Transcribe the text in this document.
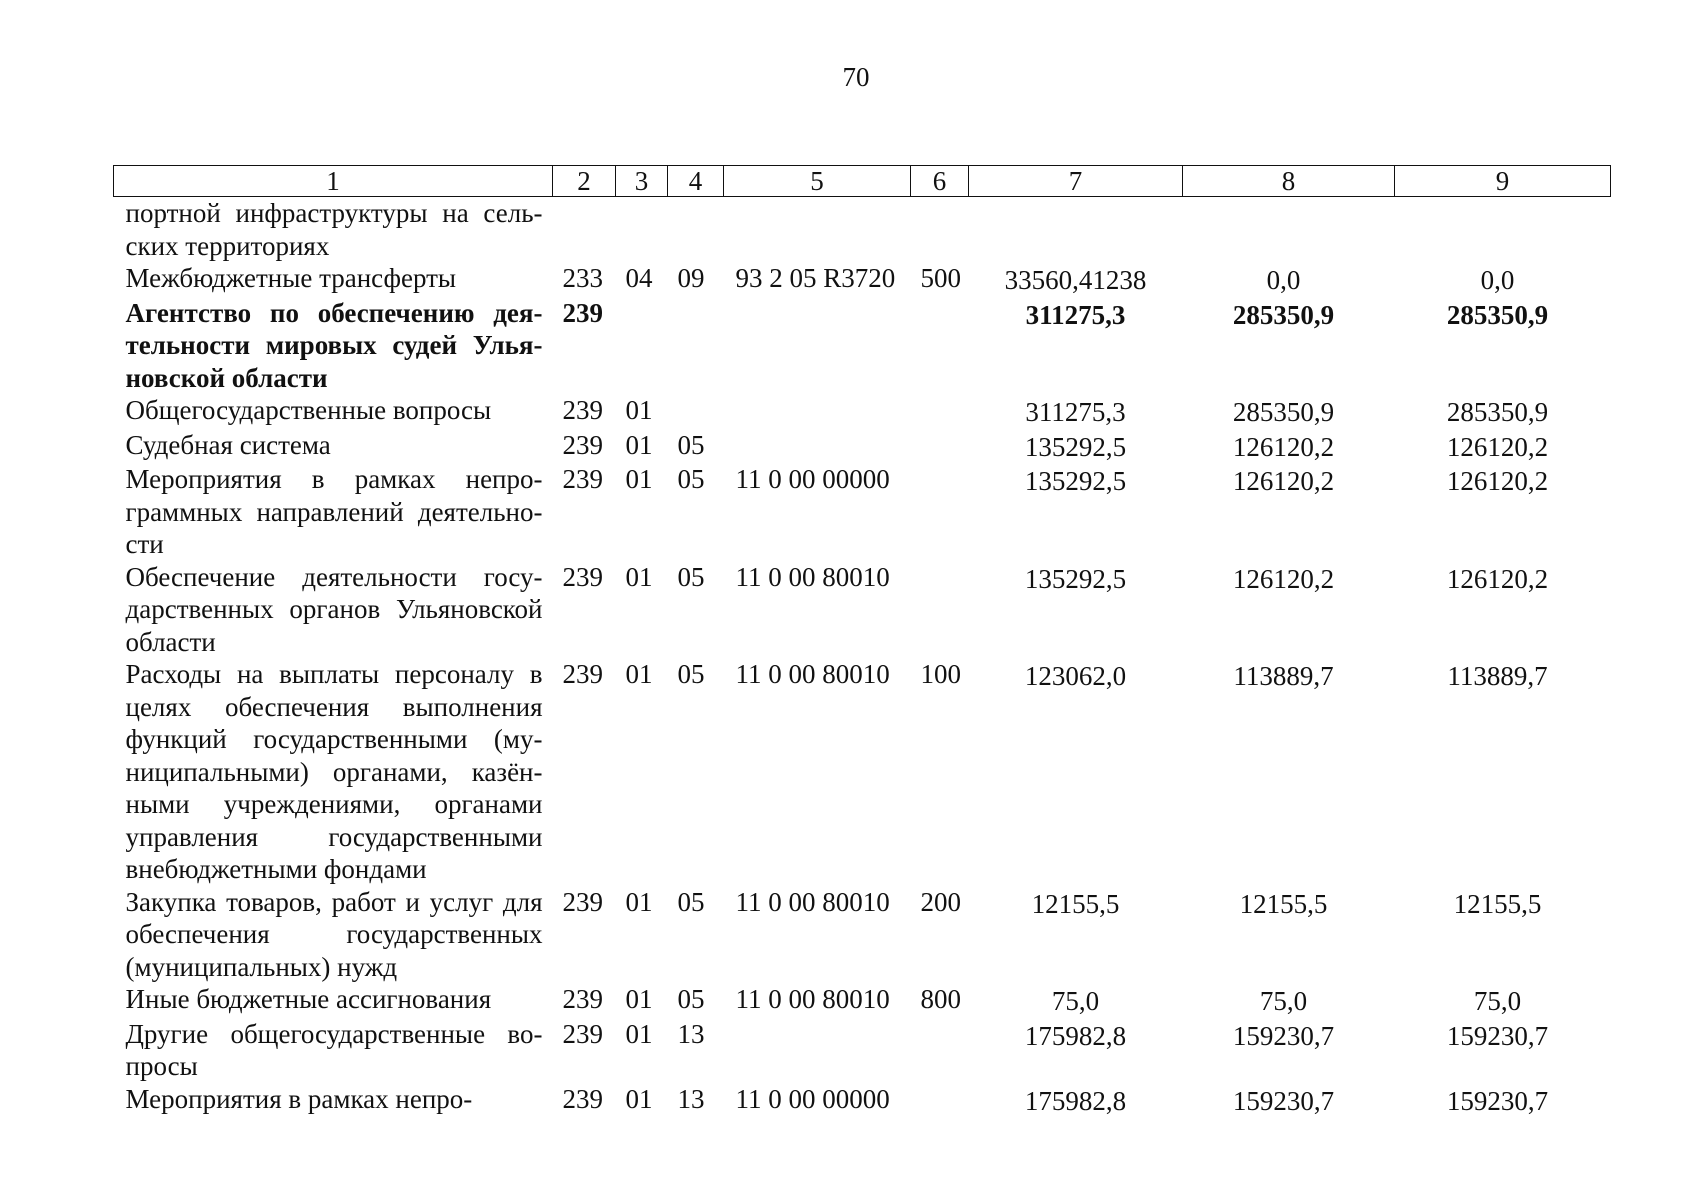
70
1	2	3	4	5	6	7	8	9
портной инфраструктуры на сель-ских территориях								
Межбюджетные трансферты	233	04	09	93 2 05 R3720	500	33560,41238	0,0	0,0
Агентство по обеспечению дея-тельности мировых судей Улья-новской области	239					311275,3	285350,9	285350,9
Общегосударственные вопросы	239	01				311275,3	285350,9	285350,9
Судебная система	239	01	05			135292,5	126120,2	126120,2
Мероприятия в рамках непро-граммных направлений деятельно-сти	239	01	05	11 0 00 00000		135292,5	126120,2	126120,2
Обеспечение деятельности госу-дарственных органов Ульяновской области	239	01	05	11 0 00 80010		135292,5	126120,2	126120,2
Расходы на выплаты персоналу в целях обеспечения выполнения функций государственными (му-ниципальными) органами, казён-ными учреждениями, органами управления государственными внебюджетными фондами	239	01	05	11 0 00 80010	100	123062,0	113889,7	113889,7
Закупка товаров, работ и услуг для обеспечения государственных (муниципальных) нужд	239	01	05	11 0 00 80010	200	12155,5	12155,5	12155,5
Иные бюджетные ассигнования	239	01	05	11 0 00 80010	800	75,0	75,0	75,0
Другие общегосударственные во-просы	239	01	13			175982,8	159230,7	159230,7
Мероприятия в рамках непро-	239	01	13	11 0 00 00000		175982,8	159230,7	159230,7
